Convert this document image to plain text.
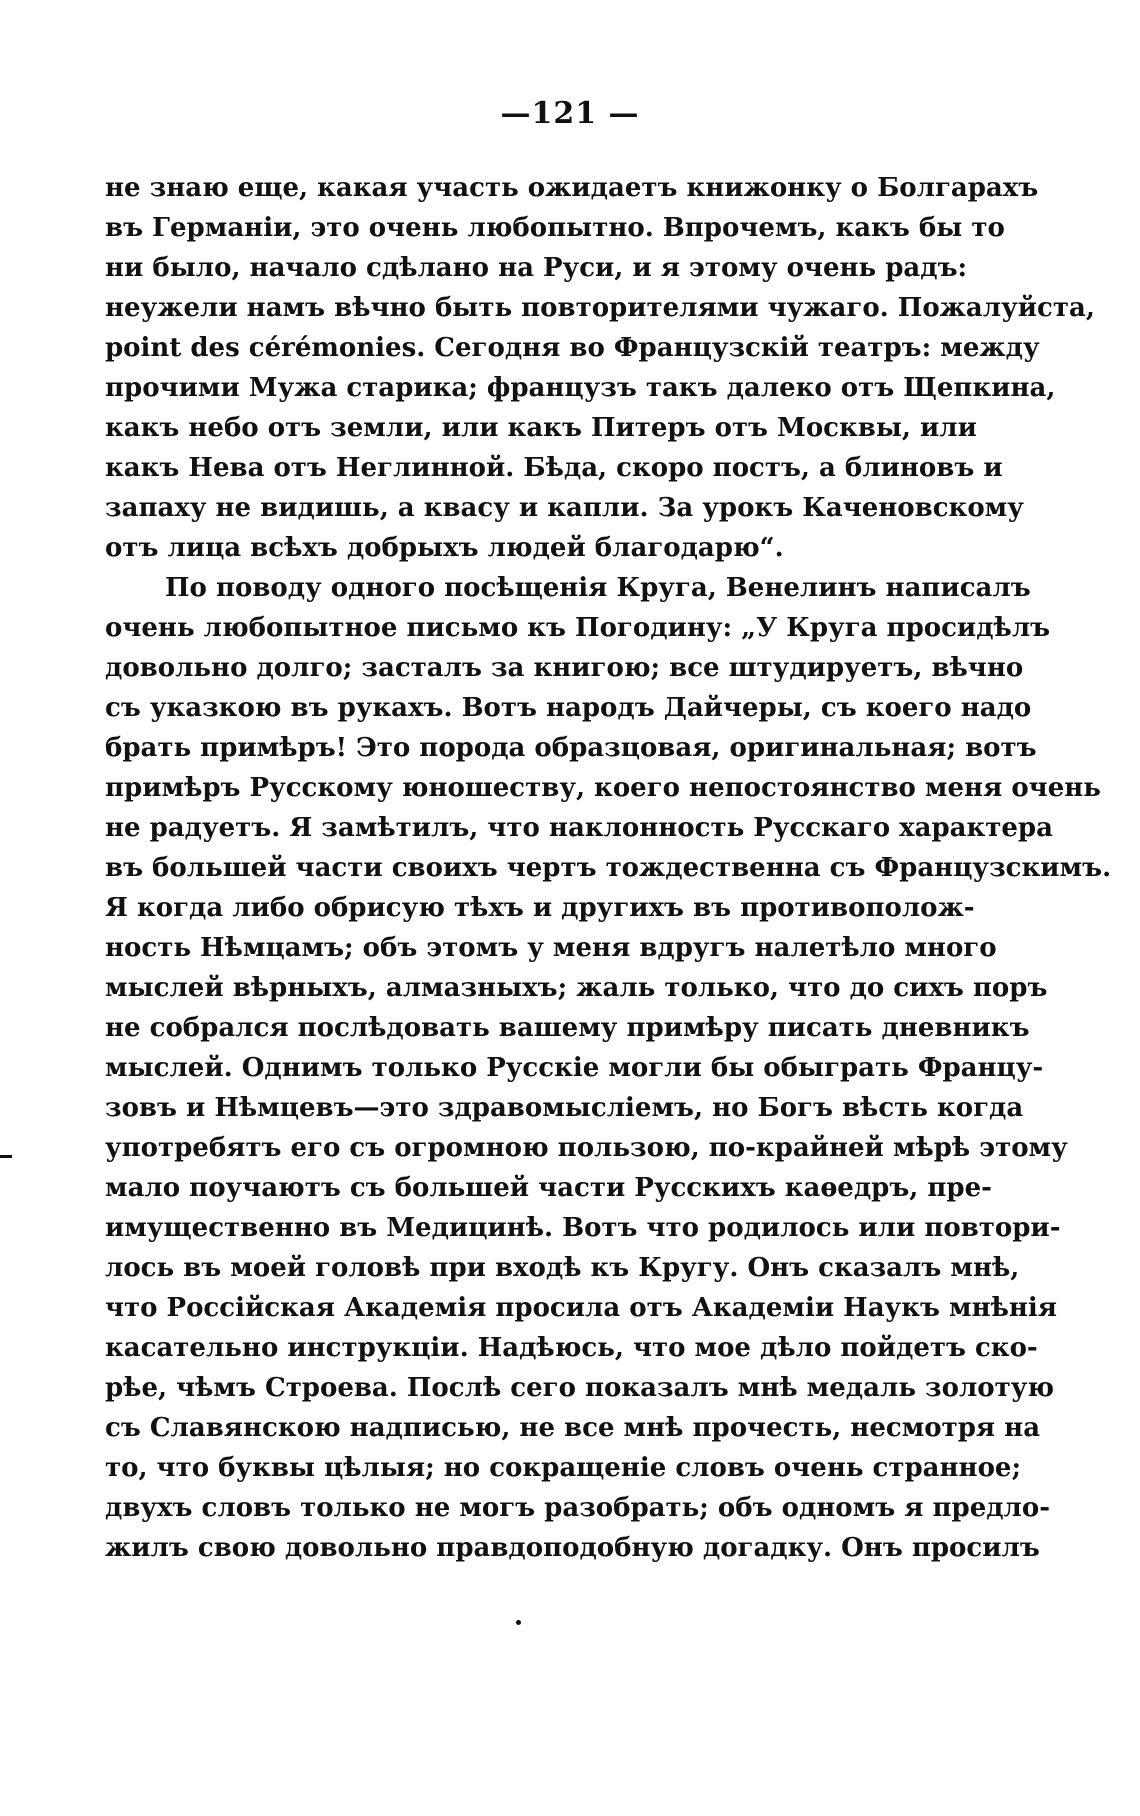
—121 —
не знаю еще, какая участь ожидаетъ книжонку о Болгарахъ
въ Германіи, это очень любопытно. Впрочемъ, какъ бы то
ни было, начало сдѣлано на Руси, и я этому очень радъ:
неужели намъ вѣчно быть повторителями чужаго. Пожалуйста,
point des cérémonies. Сегодня во Французскій театръ: между
прочими Мужа старика; французъ такъ далеко отъ Щепкина,
какъ небо отъ земли, или какъ Питеръ отъ Москвы, или
какъ Нева отъ Неглинной. Бѣда, скоро постъ, а блиновъ и
запаху не видишь, а квасу и капли. За урокъ Каченовскому
отъ лица всѣхъ добрыхъ людей благодарю“.
По поводу одного посѣщенія Круга, Венелинъ написалъ
очень любопытное письмо къ Погодину: „У Круга просидѣлъ
довольно долго; засталъ за книгою; все штудируетъ, вѣчно
съ указкою въ рукахъ. Вотъ народъ Дайчеры, съ коего надо
брать примѣръ! Это порода образцовая, оригинальная; вотъ
примѣръ Русскому юношеству, коего непостоянство меня очень
не радуетъ. Я замѣтилъ, что наклонность Русскаго характера
въ большей части своихъ чертъ тождественна съ Французскимъ.
Я когда либо обрисую тѣхъ и другихъ въ противополож-
ность Нѣмцамъ; объ этомъ у меня вдругъ налетѣло много
мыслей вѣрныхъ, алмазныхъ; жаль только, что до сихъ поръ
не собрался послѣдовать вашему примѣру писать дневникъ
мыслей. Однимъ только Русскіе могли бы обыграть Францу-
зовъ и Нѣмцевъ—это здравомысліемъ, но Богъ вѣсть когда
употребятъ его съ огромною пользою, по-крайней мѣрѣ этому
мало поучаютъ съ большей части Русскихъ каѳедръ, пре-
имущественно въ Медицинѣ. Вотъ что родилось или повтори-
лось въ моей головѣ при входѣ къ Кругу. Онъ сказалъ мнѣ,
что Россійская Академія просила отъ Академіи Наукъ мнѣнія
касательно инструкціи. Надѣюсь, что мое дѣло пойдетъ ско-
рѣе, чѣмъ Строева. Послѣ сего показалъ мнѣ медаль золотую
съ Славянскою надписью, не все мнѣ прочесть, несмотря на
то, что буквы цѣлыя; но сокращеніе словъ очень странное;
двухъ словъ только не могъ разобрать; объ одномъ я предло-
жилъ свою довольно правдоподобную догадку. Онъ просилъ
